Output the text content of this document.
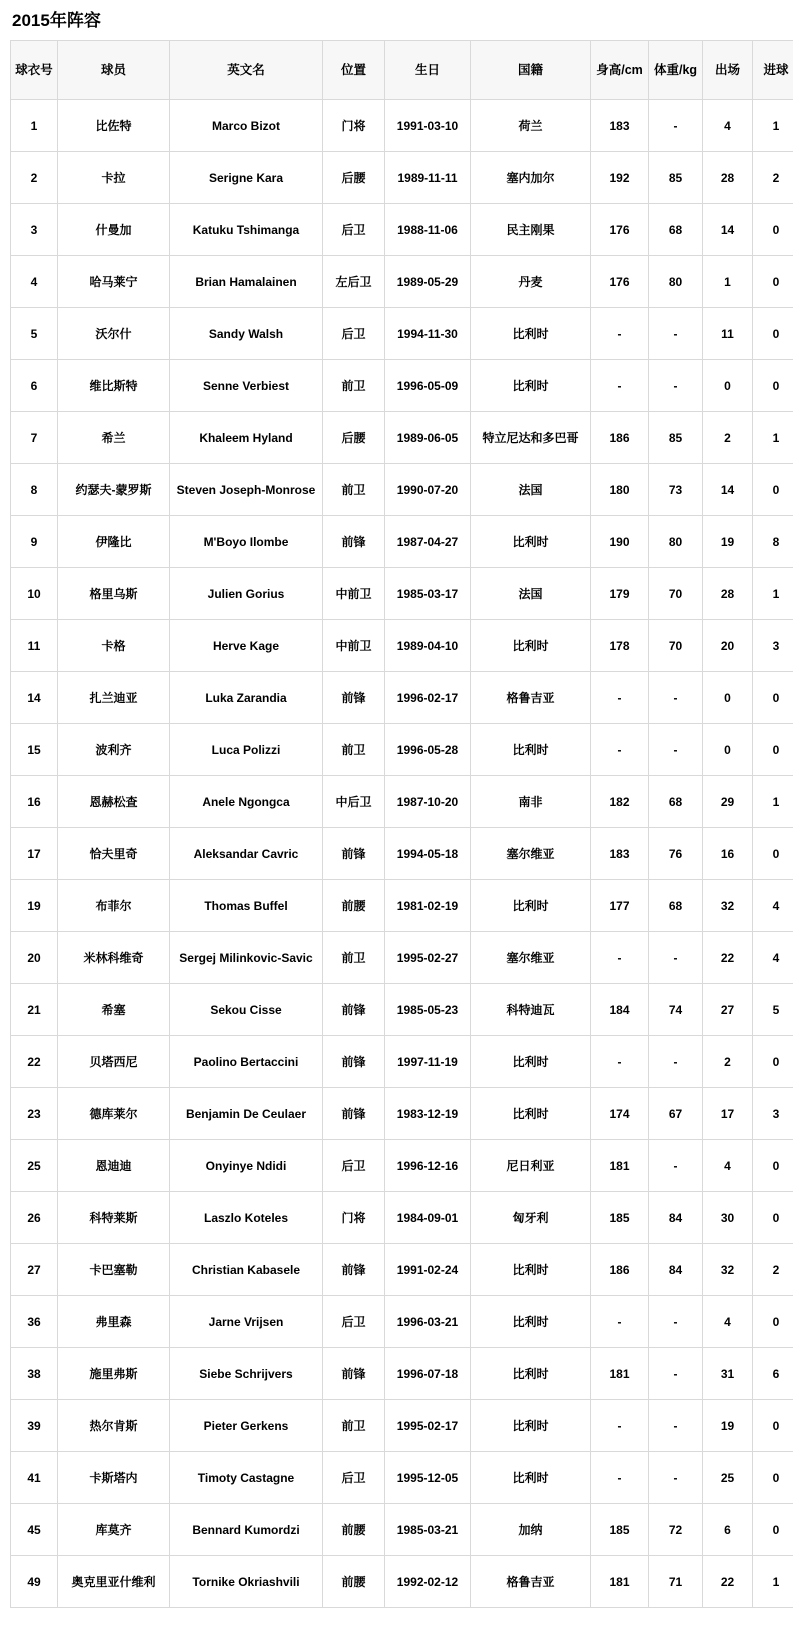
2015年阵容
球衣号	球员	英文名	位置	生日	国籍	身高/cm	体重/kg	出场	进球
1	比佐特	Marco Bizot	门将	1991-03-10	荷兰	183	-	4	1
2	卡拉	Serigne Kara	后腰	1989-11-11	塞内加尔	192	85	28	2
3	什曼加	Katuku Tshimanga	后卫	1988-11-06	民主刚果	176	68	14	0
4	哈马莱宁	Brian Hamalainen	左后卫	1989-05-29	丹麦	176	80	1	0
5	沃尔什	Sandy Walsh	后卫	1994-11-30	比利时	-	-	11	0
6	维比斯特	Senne Verbiest	前卫	1996-05-09	比利时	-	-	0	0
7	希兰	Khaleem Hyland	后腰	1989-06-05	特立尼达和多巴哥	186	85	2	1
8	约瑟夫-蒙罗斯	Steven Joseph-Monrose	前卫	1990-07-20	法国	180	73	14	0
9	伊隆比	M'Boyo Ilombe	前锋	1987-04-27	比利时	190	80	19	8
10	格里乌斯	Julien Gorius	中前卫	1985-03-17	法国	179	70	28	1
11	卡格	Herve Kage	中前卫	1989-04-10	比利时	178	70	20	3
14	扎兰迪亚	Luka Zarandia	前锋	1996-02-17	格鲁吉亚	-	-	0	0
15	波利齐	Luca Polizzi	前卫	1996-05-28	比利时	-	-	0	0
16	恩赫松查	Anele Ngongca	中后卫	1987-10-20	南非	182	68	29	1
17	恰夫里奇	Aleksandar Cavric	前锋	1994-05-18	塞尔维亚	183	76	16	0
19	布菲尔	Thomas Buffel	前腰	1981-02-19	比利时	177	68	32	4
20	米林科维奇	Sergej Milinkovic-Savic	前卫	1995-02-27	塞尔维亚	-	-	22	4
21	希塞	Sekou Cisse	前锋	1985-05-23	科特迪瓦	184	74	27	5
22	贝塔西尼	Paolino Bertaccini	前锋	1997-11-19	比利时	-	-	2	0
23	德库莱尔	Benjamin De Ceulaer	前锋	1983-12-19	比利时	174	67	17	3
25	恩迪迪	Onyinye Ndidi	后卫	1996-12-16	尼日利亚	181	-	4	0
26	科特莱斯	Laszlo Koteles	门将	1984-09-01	匈牙利	185	84	30	0
27	卡巴塞勒	Christian Kabasele	前锋	1991-02-24	比利时	186	84	32	2
36	弗里森	Jarne Vrijsen	后卫	1996-03-21	比利时	-	-	4	0
38	施里弗斯	Siebe Schrijvers	前锋	1996-07-18	比利时	181	-	31	6
39	热尔肯斯	Pieter Gerkens	前卫	1995-02-17	比利时	-	-	19	0
41	卡斯塔内	Timoty Castagne	后卫	1995-12-05	比利时	-	-	25	0
45	库莫齐	Bennard Kumordzi	前腰	1985-03-21	加纳	185	72	6	0
49	奥克里亚什维利	Tornike Okriashvili	前腰	1992-02-12	格鲁吉亚	181	71	22	1
